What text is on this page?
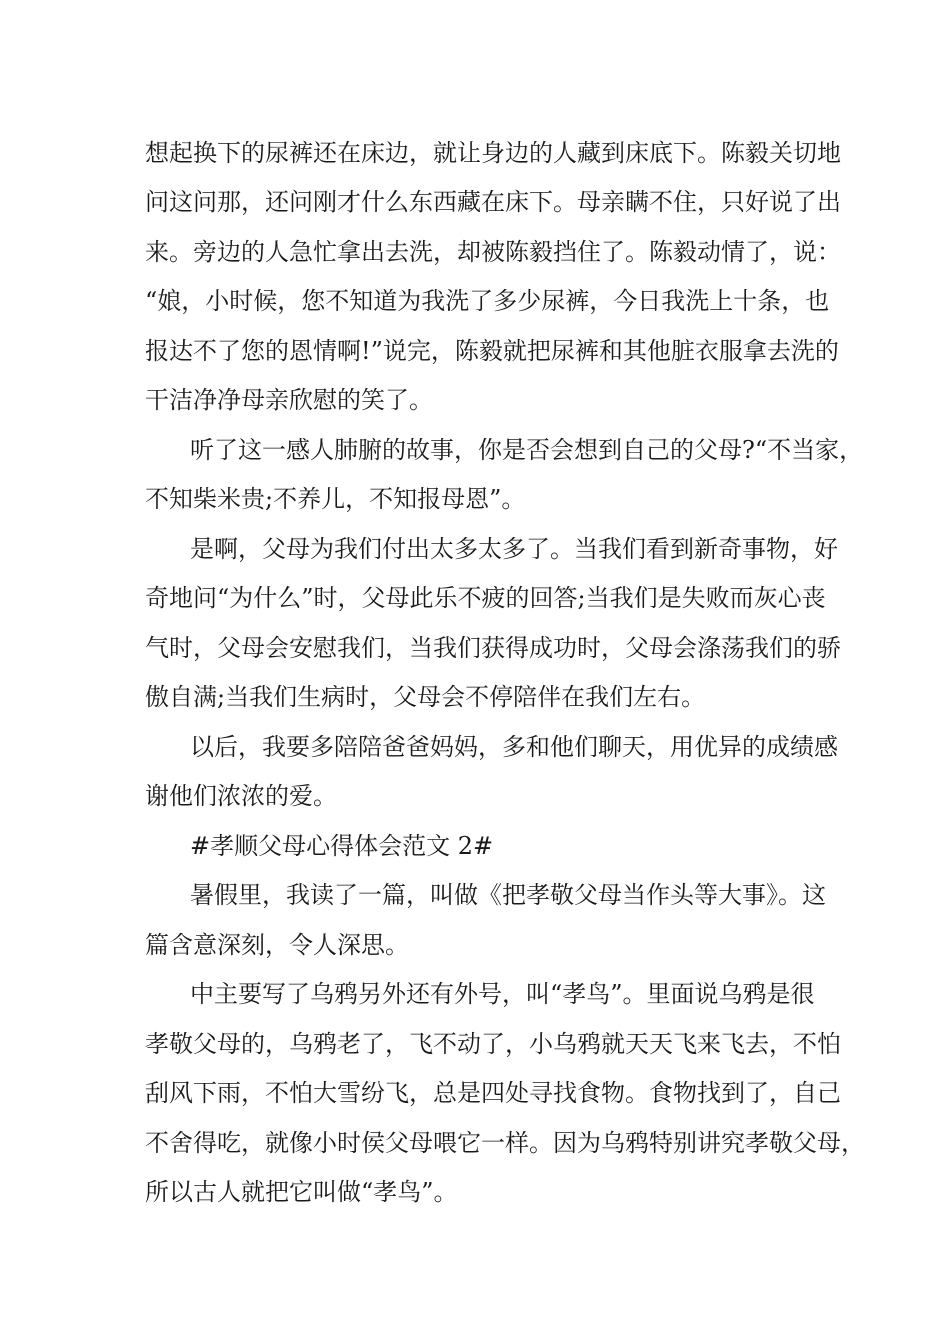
想起换下的尿裤还在床边，就让身边的人藏到床底下。陈毅关切地
问这问那，还问刚才什么东西藏在床下。母亲瞒不住，只好说了出
来。旁边的人急忙拿出去洗，却被陈毅挡住了。陈毅动情了，说：
“娘，小时候，您不知道为我洗了多少尿裤，今日我洗上十条，也
报达不了您的恩情啊!”说完，陈毅就把尿裤和其他脏衣服拿去洗的
干洁净净母亲欣慰的笑了。
听了这一感人肺腑的故事，你是否会想到自己的父母?“不当家，
不知柴米贵;不养儿，不知报母恩”。
是啊，父母为我们付出太多太多了。当我们看到新奇事物，好
奇地问“为什么”时，父母此乐不疲的回答;当我们是失败而灰心丧
气时，父母会安慰我们，当我们获得成功时，父母会涤荡我们的骄
傲自满;当我们生病时，父母会不停陪伴在我们左右。
以后，我要多陪陪爸爸妈妈，多和他们聊天，用优异的成绩感
谢他们浓浓的爱。
#孝顺父母心得体会范文 2#
暑假里，我读了一篇，叫做《把孝敬父母当作头等大事》。这
篇含意深刻，令人深思。
中主要写了乌鸦另外还有外号，叫“孝鸟”。里面说乌鸦是很
孝敬父母的，乌鸦老了，飞不动了，小乌鸦就天天飞来飞去，不怕
刮风下雨，不怕大雪纷飞，总是四处寻找食物。食物找到了，自己
不舍得吃，就像小时侯父母喂它一样。因为乌鸦特别讲究孝敬父母，
所以古人就把它叫做“孝鸟”。
